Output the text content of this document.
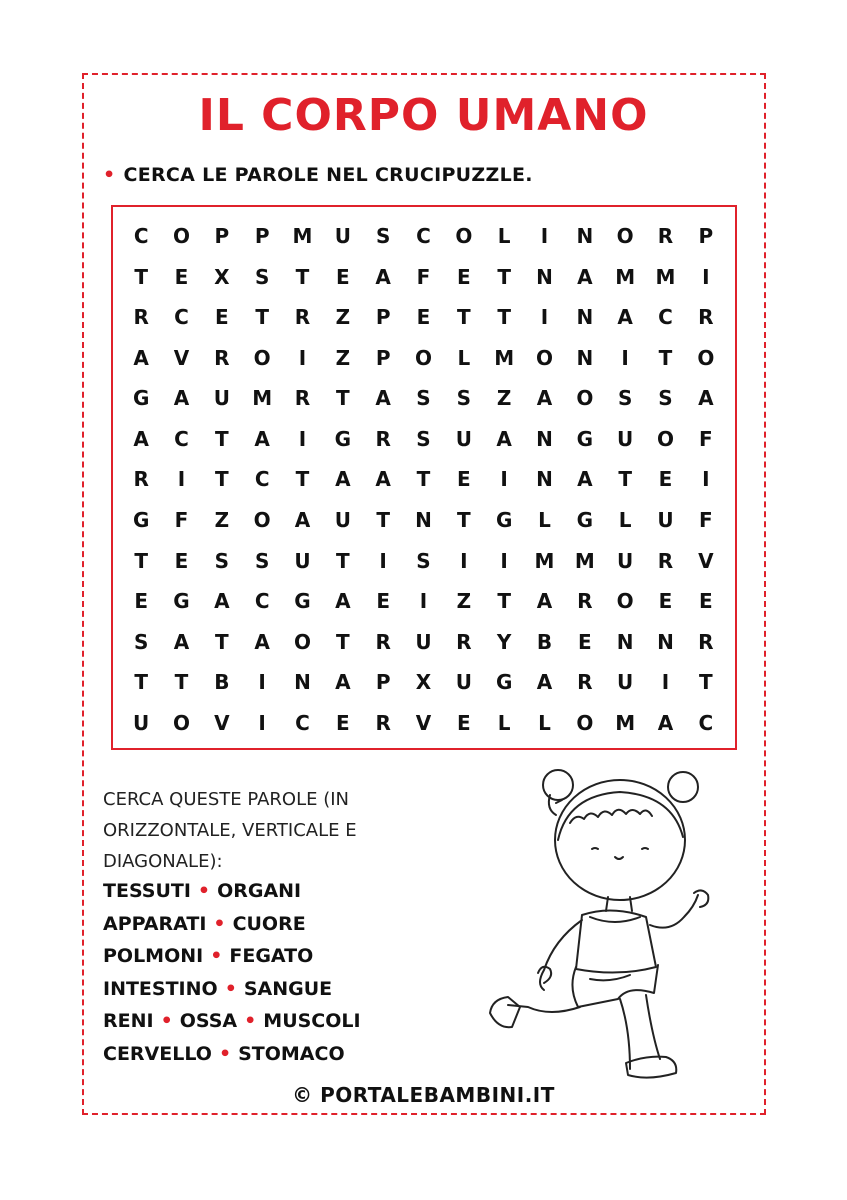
IL CORPO UMANO
• CERCA LE PAROLE NEL CRUCIPUZZLE.
C	O	P	P	M	U	S	C	O	L	I	N	O	R	P
T	E	X	S	T	E	A	F	E	T	N	A	M	M	I
R	C	E	T	R	Z	P	E	T	T	I	N	A	C	R
A	V	R	O	I	Z	P	O	L	M	O	N	I	T	O
G	A	U	M	R	T	A	S	S	Z	A	O	S	S	A
A	C	T	A	I	G	R	S	U	A	N	G	U	O	F
R	I	T	C	T	A	A	T	E	I	N	A	T	E	I
G	F	Z	O	A	U	T	N	T	G	L	G	L	U	F
T	E	S	S	U	T	I	S	I	I	M	M	U	R	V
E	G	A	C	G	A	E	I	Z	T	A	R	O	E	E
S	A	T	A	O	T	R	U	R	Y	B	E	N	N	R
T	T	B	I	N	A	P	X	U	G	A	R	U	I	T
U	O	V	I	C	E	R	V	E	L	L	O	M	A	C
CERCA QUESTE PAROLE (IN ORIZZONTALE, VERTICALE E DIAGONALE):
TESSUTI • ORGANI
APPARATI • CUORE
POLMONI • FEGATO
INTESTINO • SANGUE
RENI • OSSA • MUSCOLI
CERVELLO • STOMACO
© PORTALEBAMBINI.IT
